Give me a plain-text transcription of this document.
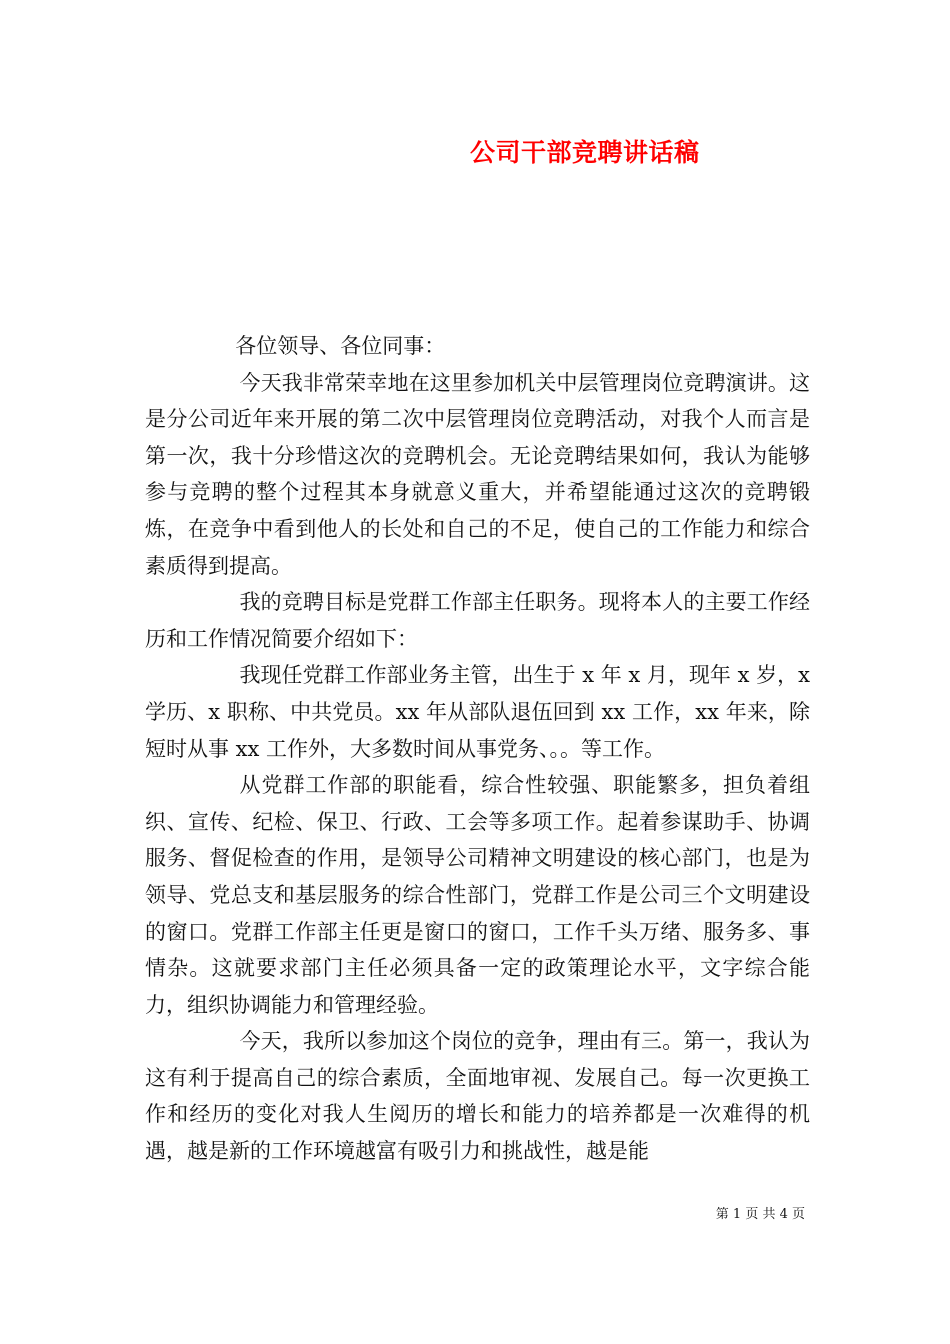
公司干部竞聘讲话稿

各位领导、各位同事：

今天我非常荣幸地在这里参加机关中层管理岗位竞聘演讲。这是分公司近年来开展的第二次中层管理岗位竞聘活动，对我个人而言是第一次，我十分珍惜这次的竞聘机会。无论竞聘结果如何，我认为能够参与竞聘的整个过程其本身就意义重大，并希望能通过这次的竞聘锻炼，在竞争中看到他人的长处和自己的不足，使自己的工作能力和综合素质得到提高。

我的竞聘目标是党群工作部主任职务。现将本人的主要工作经历和工作情况简要介绍如下：

我现任党群工作部业务主管，出生于 x 年 x 月，现年 x 岁，x 学历、x 职称、中共党员。xx 年从部队退伍回到 xx 工作，xx 年来，除短时从事 xx 工作外，大多数时间从事党务、。。等工作。

从党群工作部的职能看，综合性较强、职能繁多，担负着组织、宣传、纪检、保卫、行政、工会等多项工作。起着参谋助手、协调服务、督促检查的作用，是领导公司精神文明建设的核心部门，也是为领导、党总支和基层服务的综合性部门，党群工作是公司三个文明建设的窗口。党群工作部主任更是窗口的窗口，工作千头万绪、服务多、事情杂。这就要求部门主任必须具备一定的政策理论水平，文字综合能力，组织协调能力和管理经验。

今天，我所以参加这个岗位的竞争，理由有三。第一，我认为这有利于提高自己的综合素质，全面地审视、发展自己。每一次更换工作和经历的变化对我人生阅历的增长和能力的培养都是一次难得的机遇，越是新的工作环境越富有吸引力和挑战性，越是能

第 1 页 共 4 页
